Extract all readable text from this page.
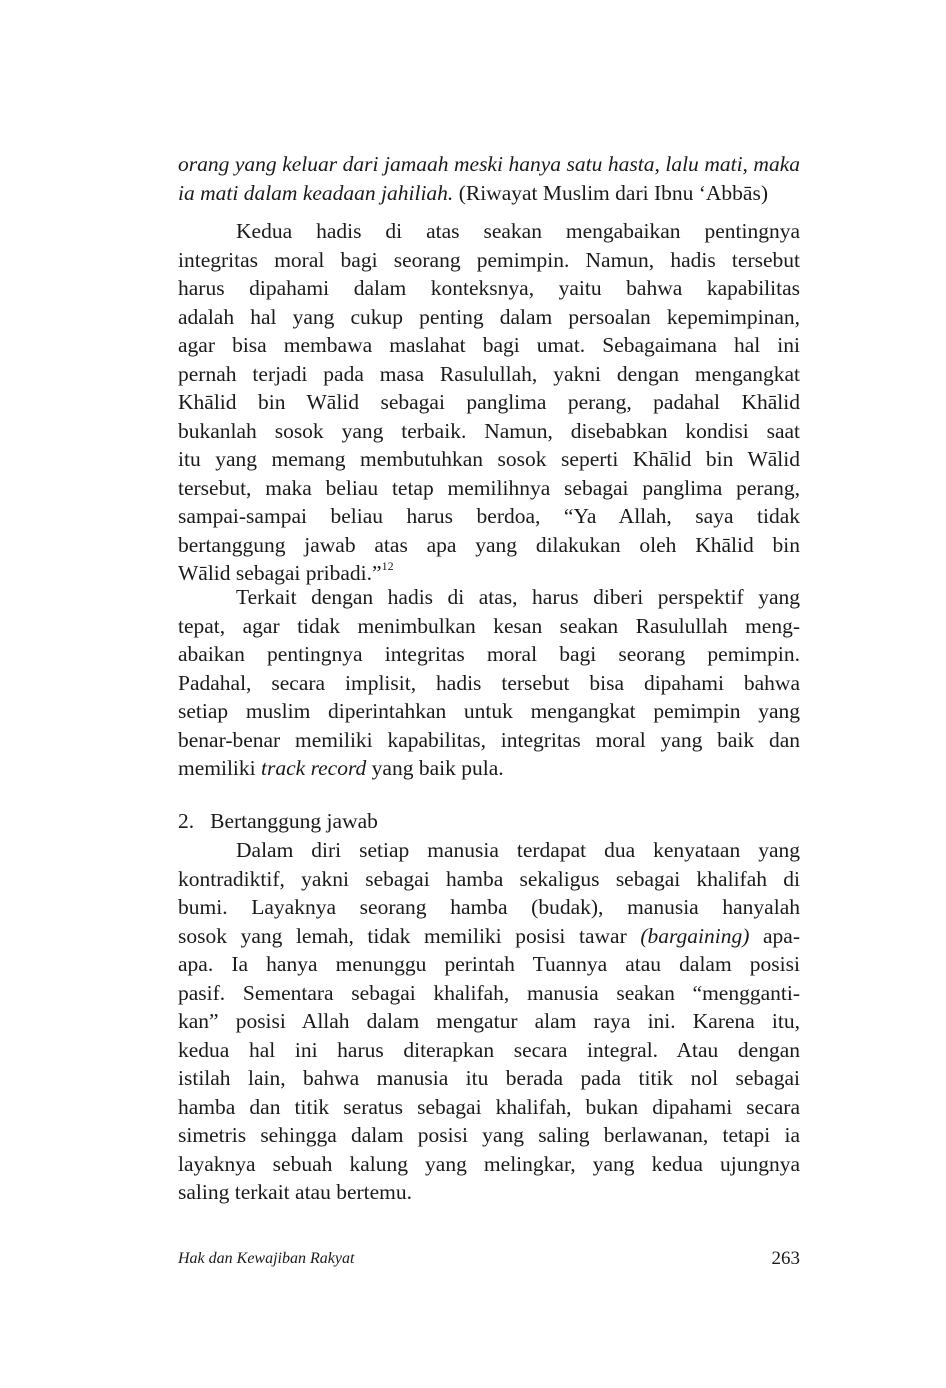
orang yang keluar dari jamaah meski hanya satu hasta, lalu mati, maka
ia mati dalam keadaan jahiliah. (Riwayat Muslim dari Ibnu ‘Abbās)
Kedua hadis di atas seakan mengabaikan pentingnya
integritas moral bagi seorang pemimpin. Namun, hadis tersebut
harus dipahami dalam konteksnya, yaitu bahwa kapabilitas
adalah hal yang cukup penting dalam persoalan kepemimpinan,
agar bisa membawa maslahat bagi umat. Sebagaimana hal ini
pernah terjadi pada masa Rasulullah, yakni dengan mengangkat
Khālid bin Wālid sebagai panglima perang, padahal Khālid
bukanlah sosok yang terbaik. Namun, disebabkan kondisi saat
itu yang memang membutuhkan sosok seperti Khālid bin Wālid
tersebut, maka beliau tetap memilihnya sebagai panglima perang,
sampai-sampai beliau harus berdoa, “Ya Allah, saya tidak
bertanggung jawab atas apa yang dilakukan oleh Khālid bin
Wālid sebagai pribadi.”$^{12}$
Terkait dengan hadis di atas, harus diberi perspektif yang
tepat, agar tidak menimbulkan kesan seakan Rasulullah meng-
abaikan pentingnya integritas moral bagi seorang pemimpin.
Padahal, secara implisit, hadis tersebut bisa dipahami bahwa
setiap muslim diperintahkan untuk mengangkat pemimpin yang
benar-benar memiliki kapabilitas, integritas moral yang baik dan
memiliki track record yang baik pula.
2. Bertanggung jawab
Dalam diri setiap manusia terdapat dua kenyataan yang
kontradiktif, yakni sebagai hamba sekaligus sebagai khalifah di
bumi. Layaknya seorang hamba (budak), manusia hanyalah
sosok yang lemah, tidak memiliki posisi tawar (bargaining) apa-
apa. Ia hanya menunggu perintah Tuannya atau dalam posisi
pasif. Sementara sebagai khalifah, manusia seakan “mengganti-
kan” posisi Allah dalam mengatur alam raya ini. Karena itu,
kedua hal ini harus diterapkan secara integral. Atau dengan
istilah lain, bahwa manusia itu berada pada titik nol sebagai
hamba dan titik seratus sebagai khalifah, bukan dipahami secara
simetris sehingga dalam posisi yang saling berlawanan, tetapi ia
layaknya sebuah kalung yang melingkar, yang kedua ujungnya
saling terkait atau bertemu.
Hak dan Kewajiban Rakyat	263
